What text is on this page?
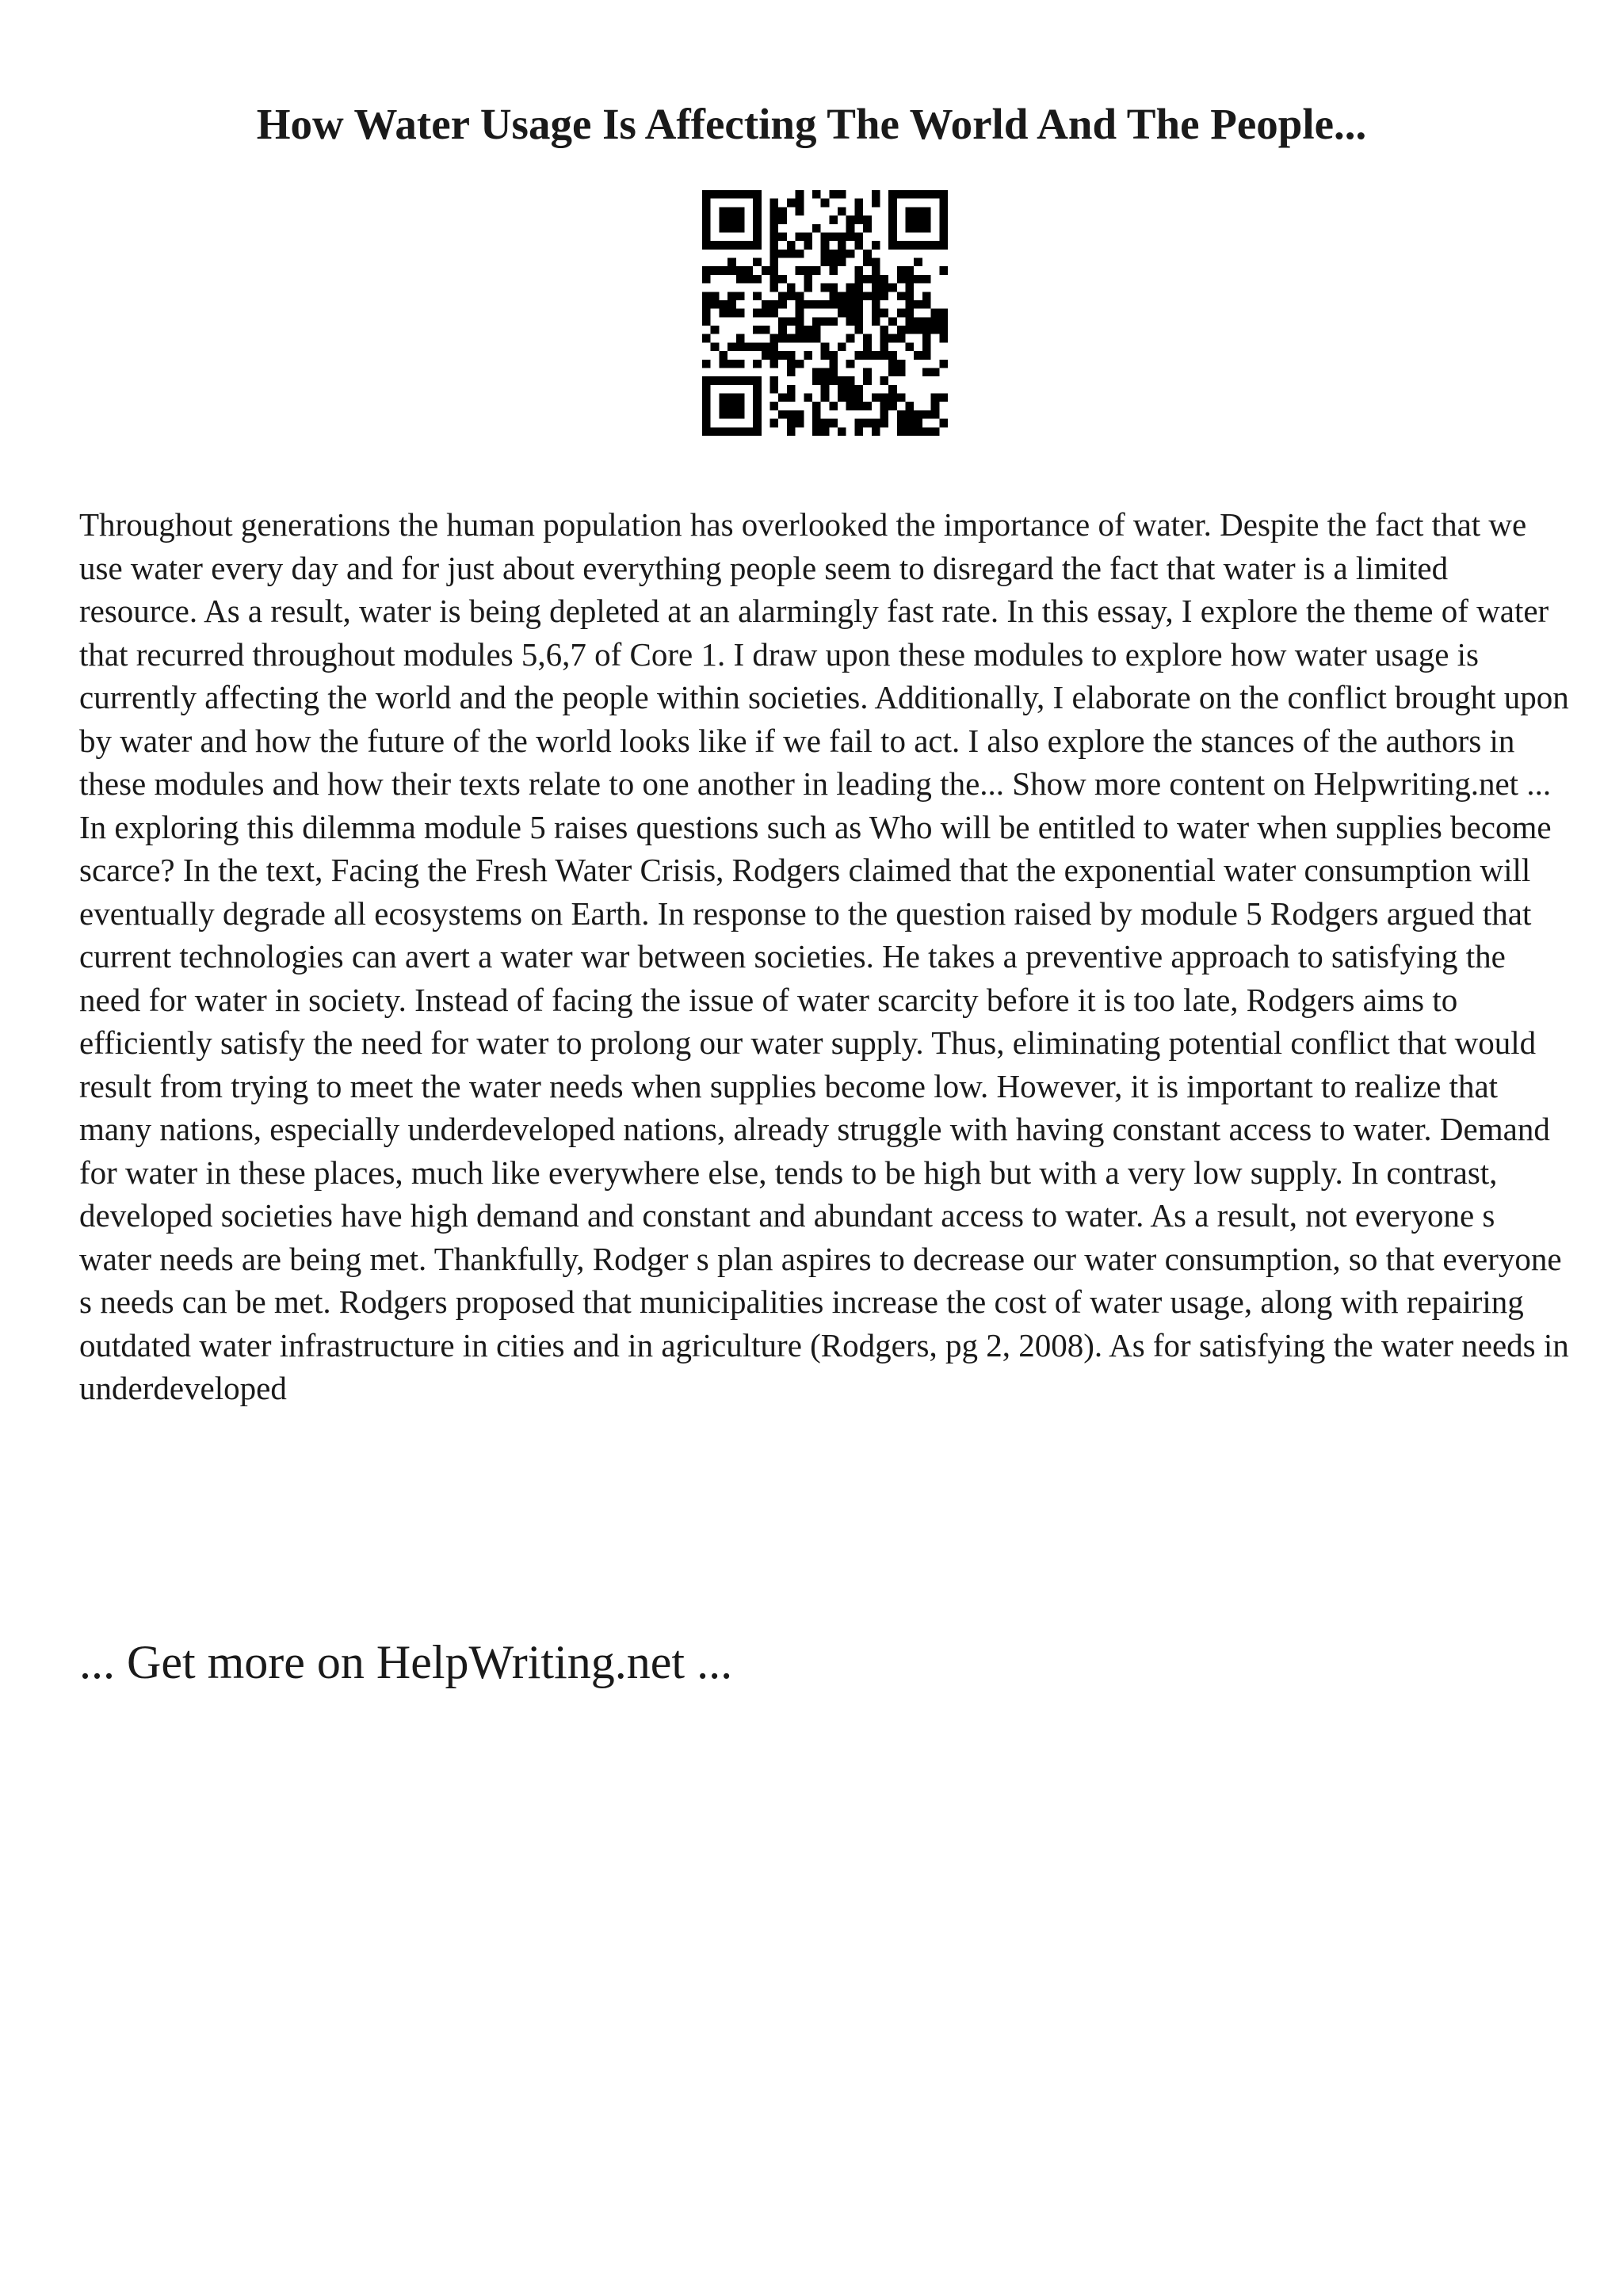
How Water Usage Is Affecting The World And The People...

Throughout generations the human population has overlooked the importance of water. Despite the fact that we use water every day and for just about everything people seem to disregard the fact that water is a limited resource. As a result, water is being depleted at an alarmingly fast rate. In this essay, I explore the theme of water that recurred throughout modules 5,6,7 of Core 1. I draw upon these modules to explore how water usage is currently affecting the world and the people within societies. Additionally, I elaborate on the conflict brought upon by water and how the future of the world looks like if we fail to act. I also explore the stances of the authors in these modules and how their texts relate to one another in leading the... Show more content on Helpwriting.net ...

In exploring this dilemma module 5 raises questions such as Who will be entitled to water when supplies become scarce? In the text, Facing the Fresh Water Crisis, Rodgers claimed that the exponential water consumption will eventually degrade all ecosystems on Earth. In response to the question raised by module 5 Rodgers argued that current technologies can avert a water war between societies. He takes a preventive approach to satisfying the need for water in society. Instead of facing the issue of water scarcity before it is too late, Rodgers aims to efficiently satisfy the need for water to prolong our water supply. Thus, eliminating potential conflict that would result from trying to meet the water needs when supplies become low. However, it is important to realize that many nations, especially underdeveloped nations, already struggle with having constant access to water. Demand for water in these places, much like everywhere else, tends to be high but with a very low supply. In contrast, developed societies have high demand and constant and abundant access to water. As a result, not everyone s water needs are being met. Thankfully, Rodger s plan aspires to decrease our water consumption, so that everyone s needs can be met. Rodgers proposed that municipalities increase the cost of water usage, along with repairing outdated water infrastructure in cities and in agriculture (Rodgers, pg 2, 2008). As for satisfying the water needs in underdeveloped

... Get more on HelpWriting.net ...
